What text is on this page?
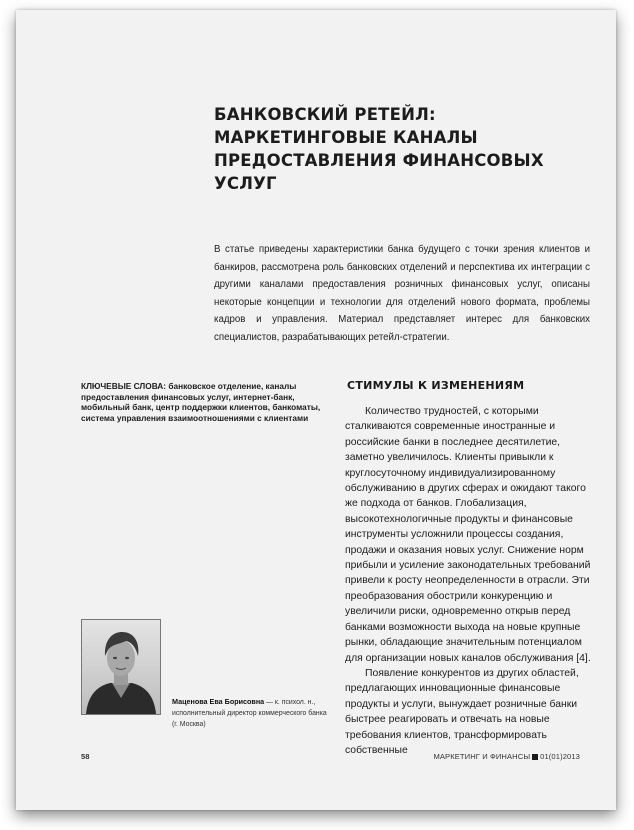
БАНКОВСКИЙ РЕТЕЙЛ: МАРКЕТИНГОВЫЕ КАНАЛЫ ПРЕДОСТАВЛЕНИЯ ФИНАНСОВЫХ УСЛУГ

В статье приведены характеристики банка будущего с точки зрения клиентов и банкиров, рассмотрена роль банковских отделений и перспектива их интеграции с другими каналами предоставления розничных финансовых услуг, описаны некоторые концепции и технологии для отделений нового формата, проблемы кадров и управления. Материал представляет интерес для банковских специалистов, разрабатывающих ретейл-стратегии.

КЛЮЧЕВЫЕ СЛОВА: банковское отделение, каналы предоставления финансовых услуг, интернет-банк, мобильный банк, центр поддержки клиентов, банкоматы, система управления взаимоотношениями с клиентами

СТИМУЛЫ К ИЗМЕНЕНИЯМ

Количество трудностей, с которыми сталкиваются современные иностранные и российские банки в последнее десятилетие, заметно увеличилось. Клиенты привыкли к круглосуточному индивидуализированному обслуживанию в других сферах и ожидают такого же подхода от банков. Глобализация, высокотехнологичные продукты и финансовые инструменты усложнили процессы создания, продажи и оказания новых услуг. Снижение норм прибыли и усиление законодательных требований привели к росту неопределенности в отрасли. Эти преобразования обострили конкуренцию и увеличили риски, одновременно открыв перед банками возможности выхода на новые крупные рынки, обладающие значительным потенциалом для организации новых каналов обслуживания [4].

Появление конкурентов из других областей, предлагающих инновационные финансовые продукты и услуги, вынуждает розничные банки быстрее реагировать и отвечать на новые требования клиентов, трансформировать собственные

Маценова Ева Борисовна — к. психол. н., исполнительный директор коммерческого банка (г. Москва)

58	МАРКЕТИНГ И ФИНАНСЫ 01(01)2013
